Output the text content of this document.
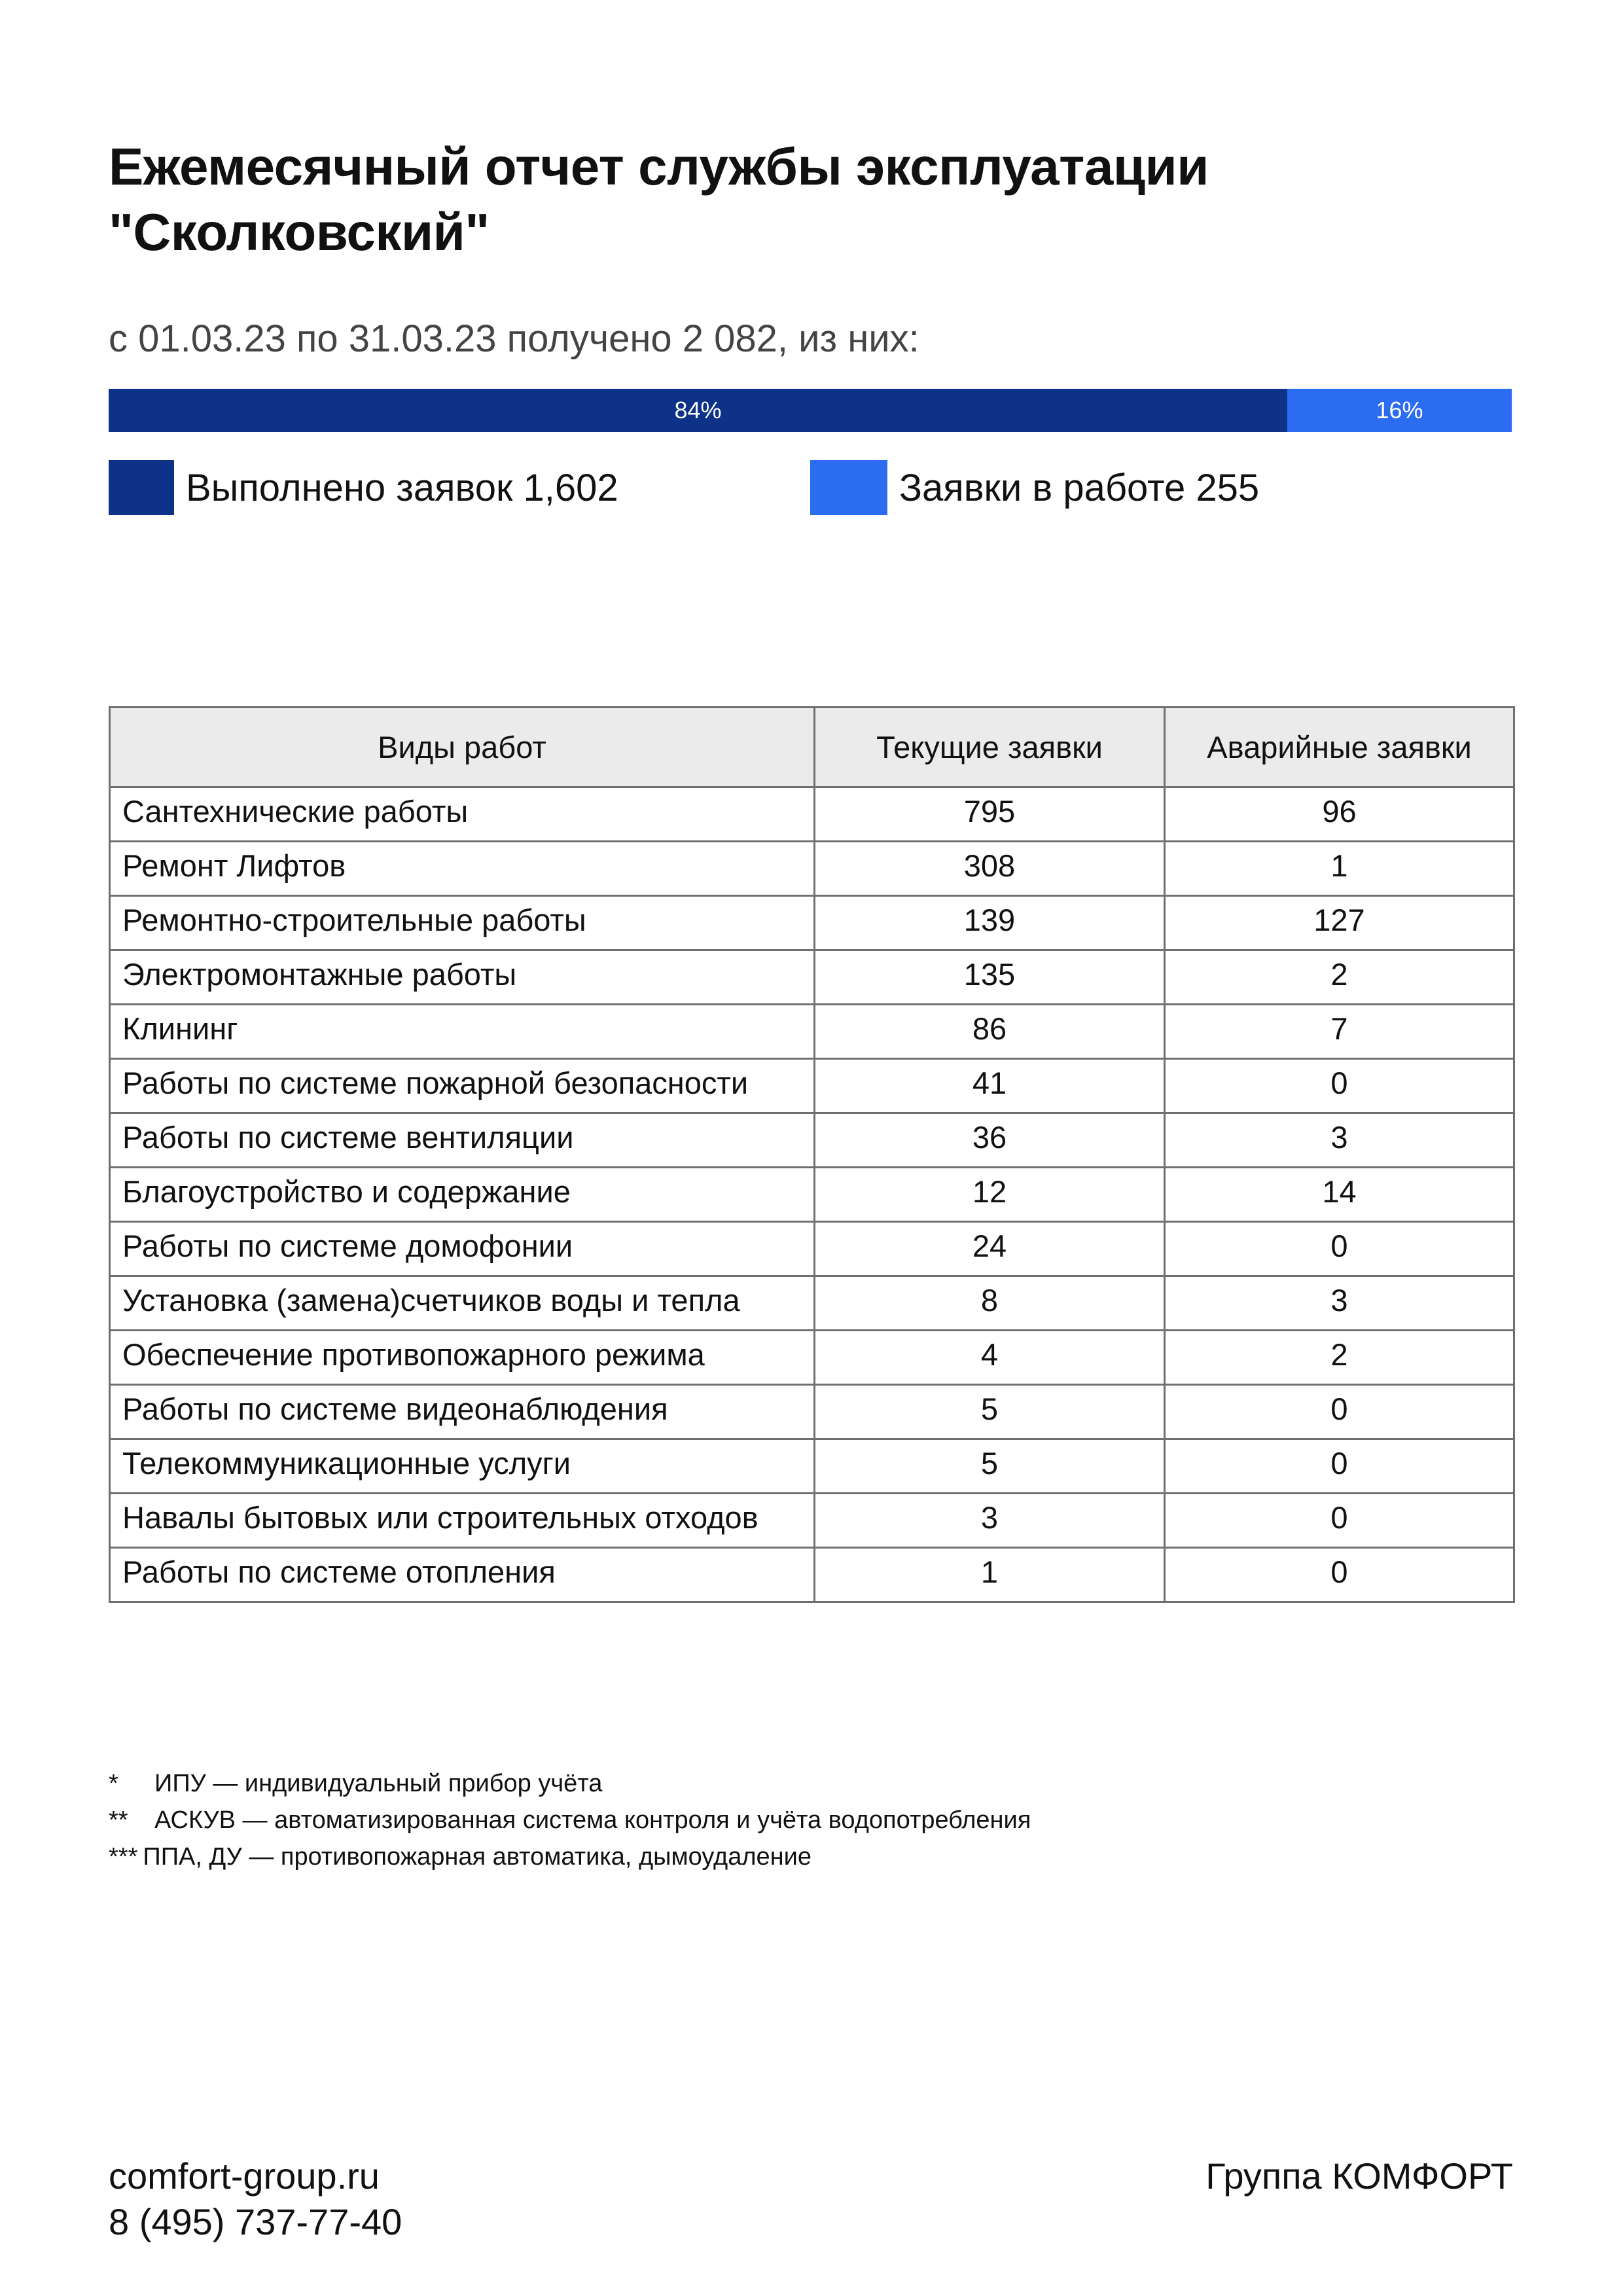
Ежемесячный отчет службы эксплуатации "Сколковский"
с 01.03.23 по 31.03.23 получено 2 082, из них:
84%	16%
Выполнено заявок 1,602	Заявки в работе 255
Виды работ	Текущие заявки	Аварийные заявки
Сантехнические работы	795	96
Ремонт Лифтов	308	1
Ремонтно-строительные работы	139	127
Электромонтажные работы	135	2
Клининг	86	7
Работы по системе пожарной безопасности	41	0
Работы по системе вентиляции	36	3
Благоустройство и содержание	12	14
Работы по системе домофонии	24	0
Установка (замена)счетчиков воды и тепла	8	3
Обеспечение противопожарного режима	4	2
Работы по системе видеонаблюдения	5	0
Телекоммуникационные услуги	5	0
Навалы бытовых или строительных отходов	3	0
Работы по системе отопления	1	0
*	ИПУ — индивидуальный прибор учёта
**	АСКУВ — автоматизированная система контроля и учёта водопотребления
*** ППА, ДУ — противопожарная автоматика, дымоудаление
comfort-group.ru
8 (495) 737-77-40
Группа КОМФОРТ
